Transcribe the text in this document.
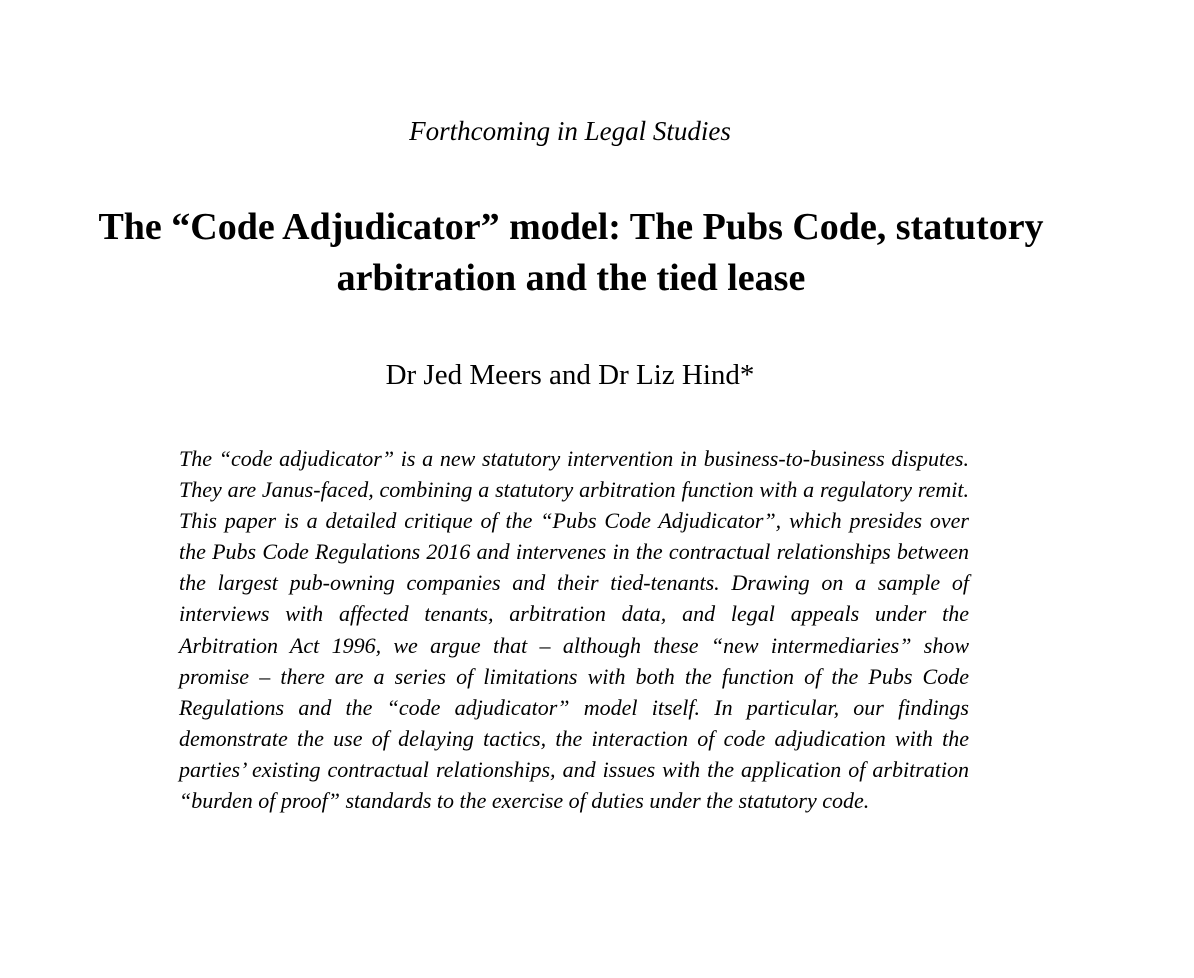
Forthcoming in Legal Studies
The “Code Adjudicator” model: The Pubs Code, statutory arbitration and the tied lease
Dr Jed Meers and Dr Liz Hind*

The “code adjudicator” is a new statutory intervention in business-to-business disputes. They are Janus-faced, combining a statutory arbitration function with a regulatory remit. This paper is a detailed critique of the “Pubs Code Adjudicator”, which presides over the Pubs Code Regulations 2016 and intervenes in the contractual relationships between the largest pub-owning companies and their tied-tenants. Drawing on a sample of interviews with affected tenants, arbitration data, and legal appeals under the Arbitration Act 1996, we argue that – although these “new intermediaries” show promise – there are a series of limitations with both the function of the Pubs Code Regulations and the “code adjudicator” model itself. In particular, our findings demonstrate the use of delaying tactics, the interaction of code adjudication with the parties’ existing contractual relationships, and issues with the application of arbitration “burden of proof” standards to the exercise of duties under the statutory code.
